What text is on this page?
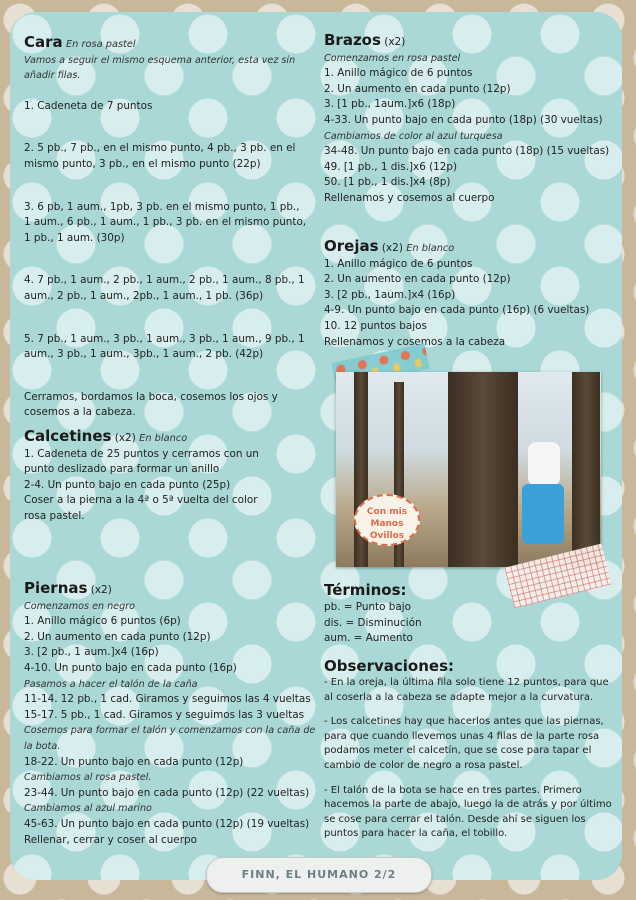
Cara En rosa pastel

Vamos a seguir el mismo esquema anterior, esta vez sin añadir filas.

1. Cadeneta de 7 puntos

2. 5 pb., 7 pb., en el mismo punto, 4 pb., 3 pb. en el mismo punto, 3 pb., en el mismo punto (22p)

3. 6 pb, 1 aum., 1pb, 3 pb. en el mismo punto, 1 pb., 1 aum., 6 pb., 1 aum., 1 pb., 3 pb. en el mismo punto, 1 pb., 1 aum. (30p)

4. 7 pb., 1 aum., 2 pb., 1 aum., 2 pb., 1 aum., 8 pb., 1 aum., 2 pb., 1 aum., 2pb., 1 aum., 1 pb. (36p)

5. 7 pb., 1 aum., 3 pb., 1 aum., 3 pb., 1 aum., 9 pb., 1 aum., 3 pb., 1 aum., 3pb., 1 aum., 2 pb. (42p)

Cerramos, bordamos la boca, cosemos los ojos y cosemos a la cabeza.

Calcetines (x2) En blanco

1. Cadeneta de 25 puntos y cerramos con un punto deslizado para formar un anillo

2-4. Un punto bajo en cada punto (25p)

Coser a la pierna a la 4ª o 5ª vuelta del color rosa pastel.

Piernas (x2)

Comenzamos en negro

1. Anillo mágico 6 puntos (6p)

2. Un aumento en cada punto (12p)

3. [2 pb., 1 aum.]x4 (16p)

4-10. Un punto bajo en cada punto (16p)

Pasamos a hacer el talón de la caña

11-14. 12 pb., 1 cad. Giramos y seguimos las 4 vueltas

15-17. 5 pb., 1 cad. Giramos y seguimos las 3 vueltas

Cosemos para formar el talón y comenzamos con la caña de la bota.

18-22. Un punto bajo en cada punto (12p)

Cambiamos al rosa pastel.

23-44. Un punto bajo en cada punto (12p) (22 vueltas)

Cambiamos al azul marino

45-63. Un punto bajo en cada punto (12p) (19 vueltas)

Rellenar, cerrar y coser al cuerpo

Brazos (x2)

Comenzamos en rosa pastel

1. Anillo mágico de 6 puntos

2. Un aumento en cada punto (12p)

3. [1 pb., 1aum.]x6 (18p)

4-33. Un punto bajo en cada punto (18p) (30 vueltas)

Cambiamos de color al azul turquesa

34-48. Un punto bajo en cada punto (18p) (15 vueltas)

49. [1 pb., 1 dis.]x6 (12p)

50. [1 pb., 1 dis.]x4 (8p)

Rellenamos y cosemos al cuerpo

Orejas (x2) En blanco

1. Anillo mágico de 6 puntos

2. Un aumento en cada punto (12p)

3. [2 pb., 1aum.]x4 (16p)

4-9. Un punto bajo en cada punto (16p) (6 vueltas)

10. 12 puntos bajos

Rellenamos y cosemos a la cabeza

Términos:

pb. = Punto bajo

dis. = Disminución

aum. = Aumento

Observaciones:

- En la oreja, la última fila solo tiene 12 puntos, para que al coserla a la cabeza se adapte mejor a la curvatura.

- Los calcetines hay que hacerlos antes que las piernas, para que cuando llevemos unas 4 filas de la parte rosa podamos meter el calcetín, que se cose para tapar el cambio de color de negro a rosa pastel.

- El talón de la bota se hace en tres partes. Primero hacemos la parte de abajo, luego la de atrás y por último se cose para cerrar el talón. Desde ahí se siguen los puntos para hacer la caña, el tobillo.

Con mis Manos Ovillos
FINN, EL HUMANO 2/2
